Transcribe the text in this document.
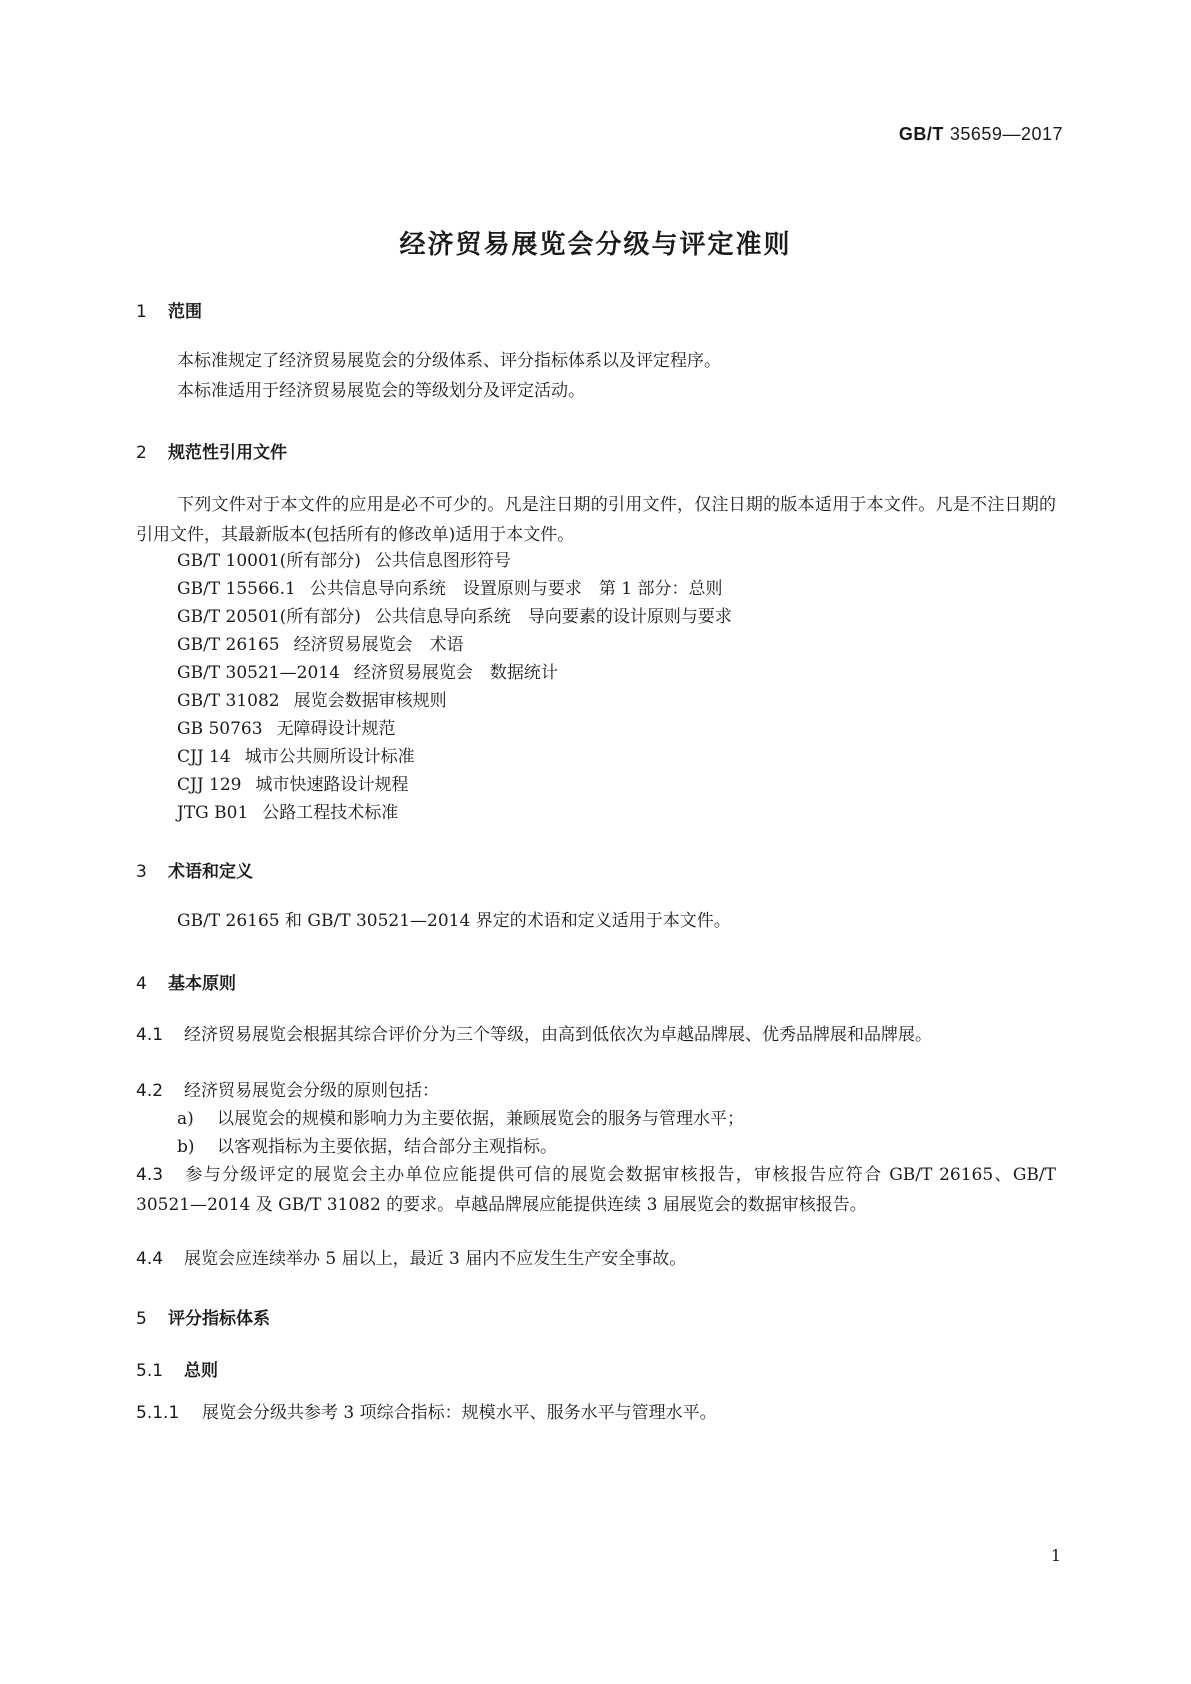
GB/T 35659—2017
经济贸易展览会分级与评定准则
1 范围
本标准规定了经济贸易展览会的分级体系、评分指标体系以及评定程序。
本标准适用于经济贸易展览会的等级划分及评定活动。
2 规范性引用文件
下列文件对于本文件的应用是必不可少的。凡是注日期的引用文件，仅注日期的版本适用于本文件。凡是不注日期的引用文件，其最新版本(包括所有的修改单)适用于本文件。
GB/T 10001(所有部分) 公共信息图形符号
GB/T 15566.1 公共信息导向系统　设置原则与要求　第 1 部分：总则
GB/T 20501(所有部分) 公共信息导向系统　导向要素的设计原则与要求
GB/T 26165 经济贸易展览会　术语
GB/T 30521—2014 经济贸易展览会　数据统计
GB/T 31082 展览会数据审核规则
GB 50763 无障碍设计规范
CJJ 14 城市公共厕所设计标准
CJJ 129 城市快速路设计规程
JTG B01 公路工程技术标准
3 术语和定义
GB/T 26165 和 GB/T 30521—2014 界定的术语和定义适用于本文件。
4 基本原则
4.1 经济贸易展览会根据其综合评价分为三个等级，由高到低依次为卓越品牌展、优秀品牌展和品牌展。
4.2 经济贸易展览会分级的原则包括：
a) 以展览会的规模和影响力为主要依据，兼顾展览会的服务与管理水平；
b) 以客观指标为主要依据，结合部分主观指标。
4.3 参与分级评定的展览会主办单位应能提供可信的展览会数据审核报告，审核报告应符合 GB/T 26165、GB/T 30521—2014 及 GB/T 31082 的要求。卓越品牌展应能提供连续 3 届展览会的数据审核报告。
4.4 展览会应连续举办 5 届以上，最近 3 届内不应发生生产安全事故。
5 评分指标体系
5.1 总则
5.1.1 展览会分级共参考 3 项综合指标：规模水平、服务水平与管理水平。
1
